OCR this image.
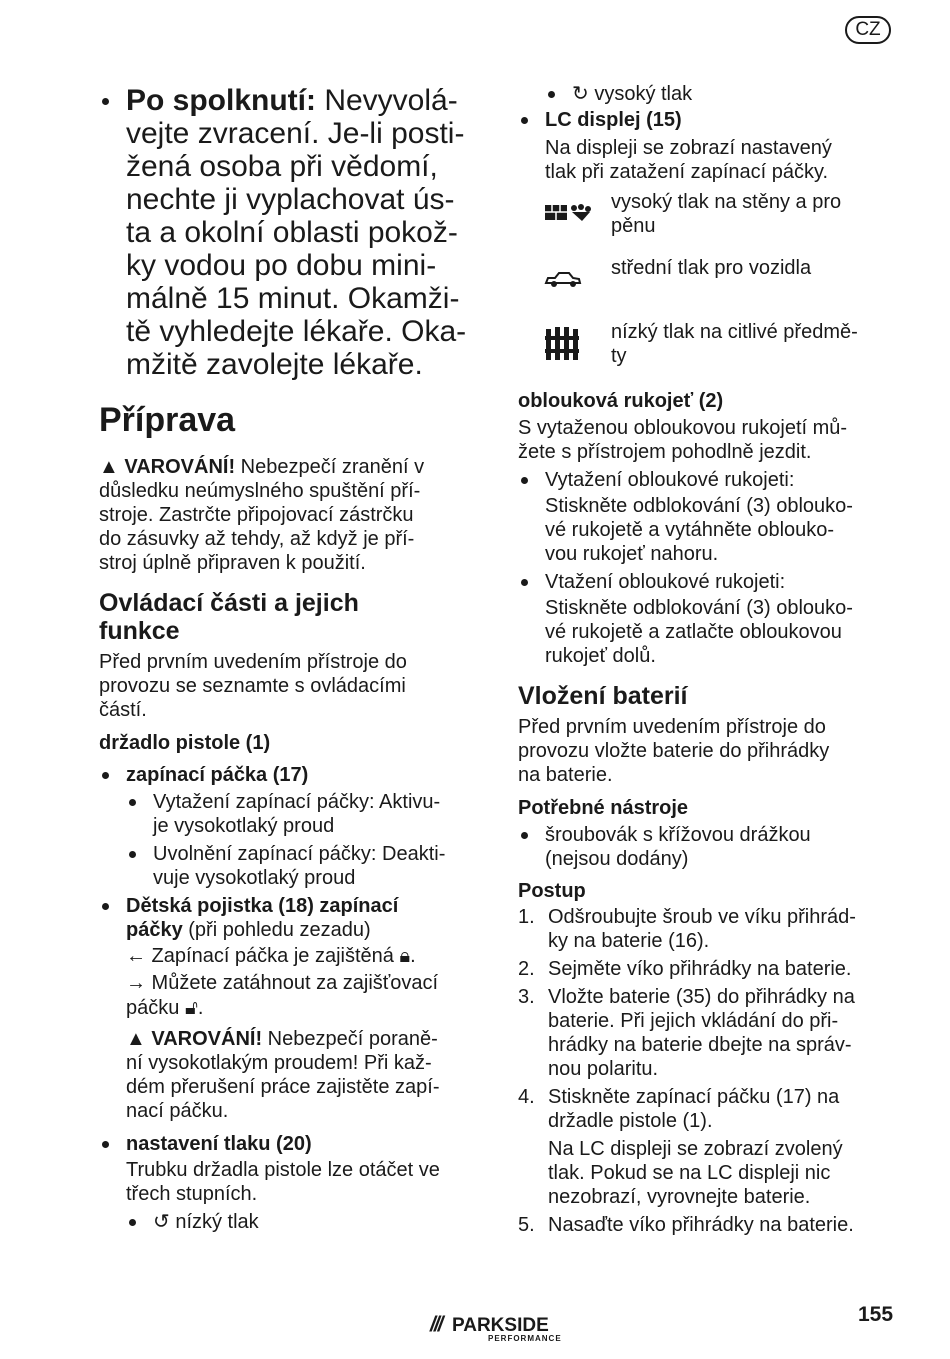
CZ
Po spolknutí: Nevyvolá-
vejte zvracení. Je-li posti-
žená osoba při vědomí,
nechte ji vyplachovat ús-
ta a okolní oblasti pokož-
ky vodou po dobu mini-
málně 15 minut. Okamži-
tě vyhledejte lékaře. Oka-
mžitě zavolejte lékaře.
Příprava
▲ VAROVÁNÍ! Nebezpečí zranění v
důsledku neúmyslného spuštění pří-
stroje. Zastrčte připojovací zástrčku
do zásuvky až tehdy, až když je pří-
stroj úplně připraven k použití.
Ovládací části a jejich
funkce
Před prvním uvedením přístroje do
provozu se seznamte s ovládacími
částí.
držadlo pistole (1)
zapínací páčka (17)
Vytažení zapínací páčky: Aktivu-
je vysokotlaký proud
Uvolnění zapínací páčky: Deakti-
vuje vysokotlaký proud
Dětská pojistka (18) zapínací
páčky (při pohledu zezadu)
← Zapínací páčka je zajištěná 🔒︎.
→ Můžete zatáhnout za zajišťovací
páčku 🔓︎.
▲ VAROVÁNÍ! Nebezpečí poraně-
ní vysokotlakým proudem! Při kaž-
dém přerušení práce zajistěte zapí-
nací páčku.
nastavení tlaku (20)
Trubku držadla pistole lze otáčet ve
třech stupních.
↺ nízký tlak
↻ vysoký tlak
LC displej (15)
Na displeji se zobrazí nastavený
tlak při zatažení zapínací páčky.
vysoký tlak na stěny a pro
pěnu
střední tlak pro vozidla
nízký tlak na citlivé předmě-
ty
oblouková rukojeť (2)
S vytaženou obloukovou rukojetí mů-
žete s přístrojem pohodlně jezdit.
Vytažení obloukové rukojeti:
Stiskněte odblokování (3) oblouko-
vé rukojetě a vytáhněte oblouko-
vou rukojeť nahoru.
Vtažení obloukové rukojeti:
Stiskněte odblokování (3) oblouko-
vé rukojetě a zatlačte obloukovou
rukojeť dolů.
Vložení baterií
Před prvním uvedením přístroje do
provozu vložte baterie do přihrádky
na baterie.
Potřebné nástroje
šroubovák s křížovou drážkou
(nejsou dodány)
Postup
1. Odšroubujte šroub ve víku přihrád-
ky na baterie (16).
2. Sejměte víko přihrádky na baterie.
3. Vložte baterie (35) do přihrádky na
baterie. Při jejich vkládání do při-
hrádky na baterie dbejte na správ-
nou polaritu.
4. Stiskněte zapínací páčku (17) na
držadle pistole (1).
Na LC displeji se zobrazí zvolený
tlak. Pokud se na LC displeji nic
nezobrazí, vyrovnejte baterie.
5. Nasaďte víko přihrádky na baterie.
/// PARKSIDE
PERFORMANCE
155
